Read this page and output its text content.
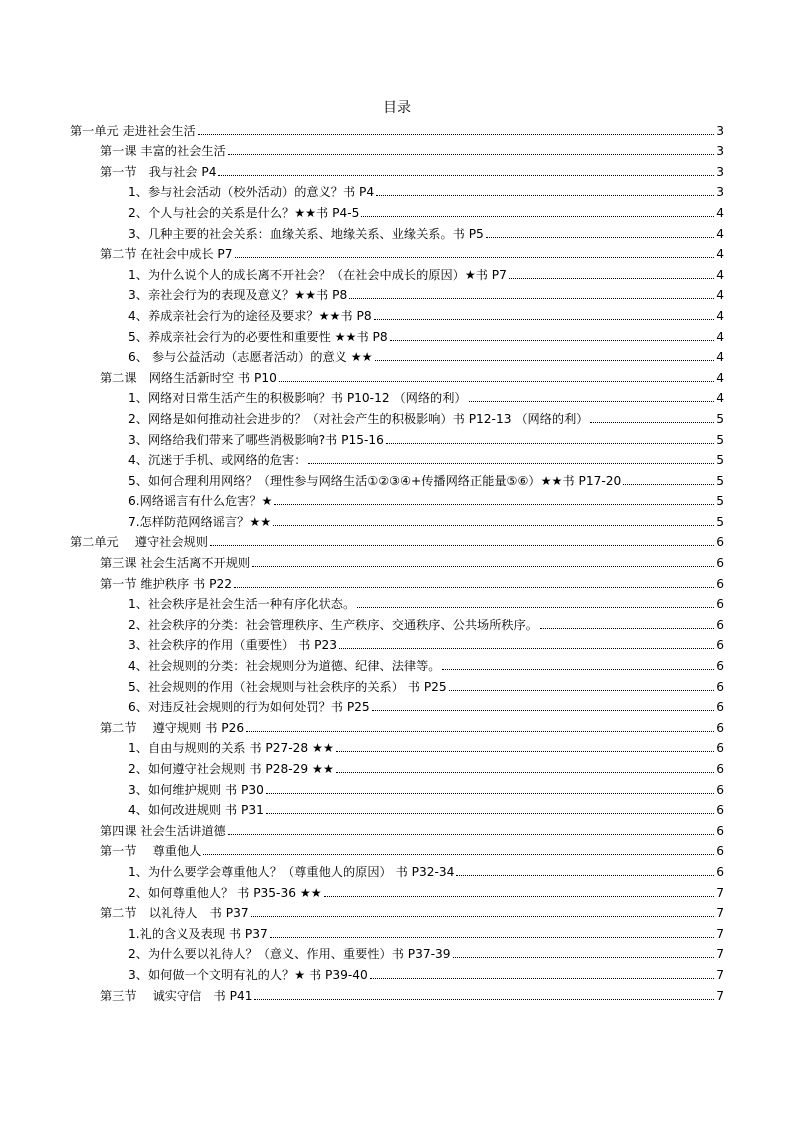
目录
第一单元 走进社会生活	3
第一课 丰富的社会生活	3
第一节　我与社会 P4	3
1、参与社会活动（校外活动）的意义？书 P4	3
2、个人与社会的关系是什么？★★书 P4-5	4
3、几种主要的社会关系：血缘关系、地缘关系、业缘关系。书 P5	4
第二节 在社会中成长 P7	4
1、为什么说个人的成长离不开社会？（在社会中成长的原因）★书 P7	4
3、亲社会行为的表现及意义？★★书 P8	4
4、养成亲社会行为的途径及要求？★★书 P8	4
5、养成亲社会行为的必要性和重要性 ★★书 P8	4
6、 参与公益活动（志愿者活动）的意义 ★★	4
第二课　网络生活新时空 书 P10	4
1、网络对日常生活产生的积极影响？书 P10-12 （网络的利）	4
2、网络是如何推动社会进步的？（对社会产生的积极影响）书 P12-13 （网络的利）	5
3、网络给我们带来了哪些消极影响?书 P15-16	5
4、沉迷于手机、或网络的危害：	5
5、如何合理利用网络？（理性参与网络生活①②③④+传播网络正能量⑤⑥）★★书 P17-20	5
6.网络谣言有什么危害？★	5
7.怎样防范网络谣言？★★	5
第二单元　 遵守社会规则	6
第三课 社会生活离不开规则	6
第一节 维护秩序 书 P22	6
1、社会秩序是社会生活一种有序化状态。	6
2、社会秩序的分类：社会管理秩序、生产秩序、交通秩序、公共场所秩序。	6
3、社会秩序的作用（重要性） 书 P23	6
4、社会规则的分类：社会规则分为道德、纪律、法律等。	6
5、社会规则的作用（社会规则与社会秩序的关系） 书 P25	6
6、对违反社会规则的行为如何处罚？书 P25	6
第二节　 遵守规则 书 P26	6
1、自由与规则的关系 书 P27-28 ★★	6
2、如何遵守社会规则 书 P28-29 ★★	6
3、如何维护规则 书 P30	6
4、如何改进规则 书 P31	6
第四课 社会生活讲道德	6
第一节　 尊重他人	6
1、为什么要学会尊重他人？（尊重他人的原因） 书 P32-34	6
2、如何尊重他人？ 书 P35-36 ★★	7
第二节　以礼待人　书 P37	7
1.礼的含义及表现 书 P37	7
2、为什么要以礼待人？（意义、作用、重要性）书 P37-39	7
3、如何做一个文明有礼的人？★ 书 P39-40	7
第三节　 诚实守信　书 P41	7
